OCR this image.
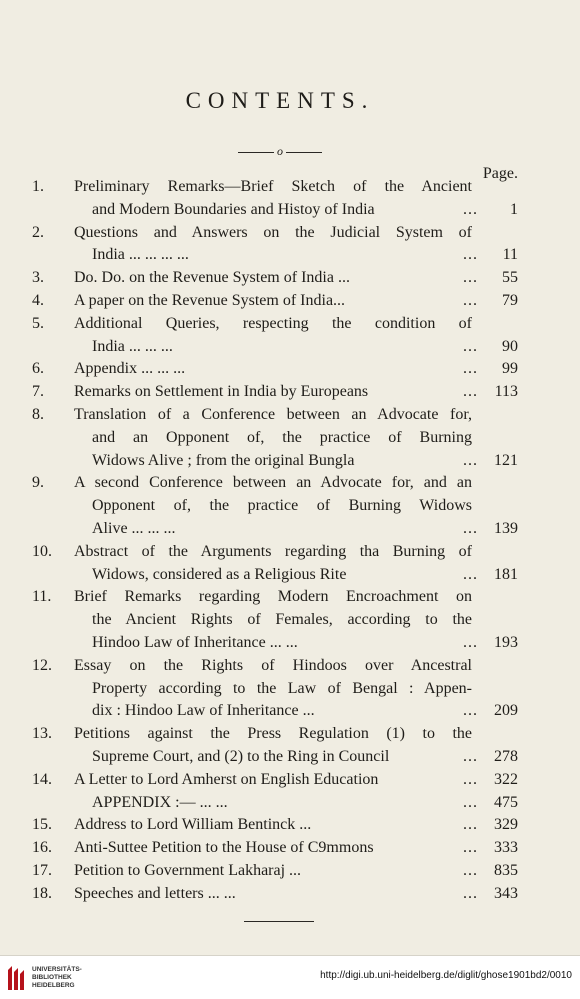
CONTENTS.
o
Page.
1.	Preliminary Remarks—Brief Sketch of the Ancient
and Modern Boundaries and Histoy of India	...	1
2.	Questions and Answers on the Judicial System of
India ... ... ... ...	...	11
3.	Do. Do. on the Revenue System of India ...	...	55
4.	A paper on the Revenue System of India...	...	79
5.	Additional Queries, respecting the condition of
India ... ... ...	...	90
6.	Appendix ... ... ...	...	99
7.	Remarks on Settlement in India by Europeans	...	113
8.	Translation of a Conference between an Advocate for,
and an Opponent of, the practice of Burning
Widows Alive ; from the original Bungla	...	121
9.	A second Conference between an Advocate for, and an
Opponent of, the practice of Burning Widows
Alive ... ... ...	...	139
10.	Abstract of the Arguments regarding tha Burning of
Widows, considered as a Religious Rite	...	181
11.	Brief Remarks regarding Modern Encroachment on
the Ancient Rights of Females, according to the
Hindoo Law of Inheritance ... ...	...	193
12.	Essay on the Rights of Hindoos over Ancestral
Property according to the Law of Bengal : Appen-
dix : Hindoo Law of Inheritance ...	...	209
13.	Petitions against the Press Regulation (1) to the
Supreme Court, and (2) to the Ring in Council	...	278
14.	A Letter to Lord Amherst on English Education	...	322
APPENDIX :— ... ...	...	475
15.	Address to Lord William Bentinck ...	...	329
16.	Anti-Suttee Petition to the House of C9mmons	...	333
17.	Petition to Government Lakharaj ...	...	835
18.	Speeches and letters ... ...	...	343
UNIVERSITÄTS-
BIBLIOTHEK
HEIDELBERG
http://digi.ub.uni-heidelberg.de/diglit/ghose1901bd2/0010
